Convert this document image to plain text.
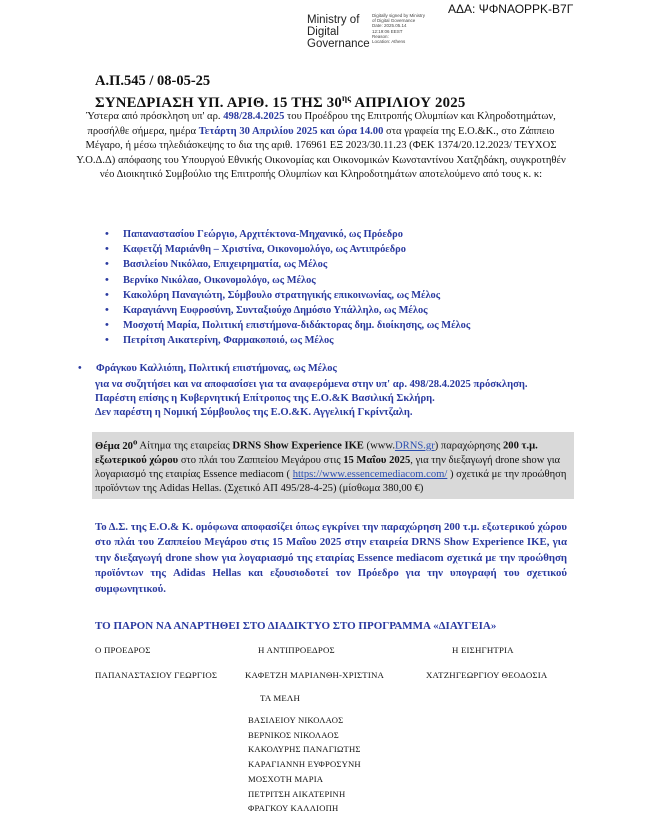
ΑΔΑ: ΨΦΝΑΟΡΡΚ-Β7Γ
Ministry of
Digital
Governance
Digitally signed by Ministry
of Digital Governance
Date: 2025.05.14
12:19:06 EEST
Reason:
Location: Athens
Α.Π.545 / 08-05-25
ΣΥΝΕΔΡΙΑΣΗ ΥΠ. ΑΡΙΘ. 15 ΤΗΣ $30^{\eta\varsigma}$ ΑΠΡΙΛΙΟΥ 2025
Ύστερα από πρόσκληση υπ' αρ. 498/28.4.2025 του Προέδρου της Επιτροπής Ολυμπίων και Κληροδοτημάτων, προσήλθε σήμερα, ημέρα Τετάρτη 30 Απριλίου 2025 και ώρα 14.00 στα γραφεία της Ε.Ο.&Κ., στο Ζάππειο Μέγαρο, ή μέσω τηλεδιάσκεψης το δια της αριθ. 176961 ΕΞ 2023/30.11.23 (ΦΕΚ 1374/20.12.2023/ ΤΕΥΧΟΣ Υ.Ο.Δ.Δ) απόφασης του Υπουργού Εθνικής Οικονομίας και Οικονομικών Κωνσταντίνου Χατζηδάκη, συγκροτηθέν νέο Διοικητικό Συμβούλιο της Επιτροπής Ολυμπίων και Κληροδοτημάτων αποτελούμενο από τους κ. κ:
• Παπαναστασίου Γεώργιο, Αρχιτέκτονα-Μηχανικό, ως Πρόεδρο
• Καφετζή Μαριάνθη – Χριστίνα, Οικονομολόγο, ως Αντιπρόεδρο
• Βασιλείου Νικόλαο, Επιχειρηματία, ως Μέλος
• Βερνίκο Νικόλαο, Οικονομολόγο, ως Μέλος
• Κακολύρη Παναγιώτη, Σύμβουλο στρατηγικής επικοινωνίας, ως Μέλος
• Καραγιάννη Ευφροσύνη, Συνταξιούχο Δημόσιο Υπάλληλο, ως Μέλος
• Μοσχοτή Μαρία, Πολιτική επιστήμονα-διδάκτορας δημ. διοίκησης, ως Μέλος
• Πετρίτση Αικατερίνη, Φαρμακοποιό, ως Μέλος
• Φράγκου Καλλιόπη, Πολιτική επιστήμονας, ως Μέλος
για να συζητήσει και να αποφασίσει για τα αναφερόμενα στην υπ' αρ. 498/28.4.2025 πρόσκληση.
Παρέστη επίσης η Κυβερνητική Επίτροπος της Ε.Ο.&Κ Βασιλική Σκλήρη.
Δεν παρέστη η Νομική Σύμβουλος της Ε.Ο.&Κ. Αγγελική Γκρίντζαλη.
Θέμα $20^o$ Αίτημα της εταιρείας DRNS Show Experience IKE (www.DRNS.gr) παραχώρησης 200 τ.μ. εξωτερικού χώρου στο πλάι του Ζαππείου Μεγάρου στις 15 Μαΐου 2025, για την διεξαγωγή drone show για λογαριασμό της εταιρίας Essence mediacom ( https://www.essencemediacom.com/ ) σχετικά με την προώθηση προϊόντων της Adidas Hellas. (Σχετικό ΑΠ 495/28-4-25) (μίσθωμα 380,00 €)
Το Δ.Σ. της Ε.Ο.& Κ. ομόφωνα αποφασίζει όπως εγκρίνει την παραχώρηση 200 τ.μ. εξωτερικού χώρου στο πλάι του Ζαππείου Μεγάρου στις 15 Μαΐου 2025 στην εταιρεία DRNS Show Experience IKE, για την διεξαγωγή drone show για λογαριασμό της εταιρίας Essence mediacom σχετικά με την προώθηση προϊόντων της Adidas Hellas και εξουσιοδοτεί τον Πρόεδρο για την υπογραφή του σχετικού συμφωνητικού.
ΤΟ ΠΑΡΟΝ ΝΑ ΑΝΑΡΤΗΘΕΙ ΣΤΟ ΔΙΑΔΙΚΤΥΟ ΣΤΟ ΠΡΟΓΡΑΜΜΑ «ΔΙΑΥΓΕΙΑ»
Ο ΠΡΟΕΔΡΟΣ	Η ΑΝΤΙΠΡΟΕΔΡΟΣ	Η ΕΙΣΗΓΗΤΡΙΑ
ΠΑΠΑΝΑΣΤΑΣΙΟΥ ΓΕΩΡΓΙΟΣ	ΚΑΦΕΤΖΗ ΜΑΡΙΑΝΘΗ-ΧΡΙΣΤΙΝΑ	ΧΑΤΖΗΓΕΩΡΓΙΟΥ ΘΕΟΔΟΣΙΑ
ΤΑ ΜΕΛΗ
ΒΑΣΙΛΕΙΟΥ ΝΙΚΟΛΑΟΣ
ΒΕΡΝΙΚΟΣ ΝΙΚΟΛΑΟΣ
ΚΑΚΟΛΥΡΗΣ ΠΑΝΑΓΙΩΤΗΣ
ΚΑΡΑΓΙΑΝΝΗ ΕΥΦΡΟΣΥΝΗ
ΜΟΣΧΟΤΗ ΜΑΡΙΑ
ΠΕΤΡΙΤΣΗ ΑΙΚΑΤΕΡΙΝΗ
ΦΡΑΓΚΟΥ ΚΑΛΛΙΟΠΗ
